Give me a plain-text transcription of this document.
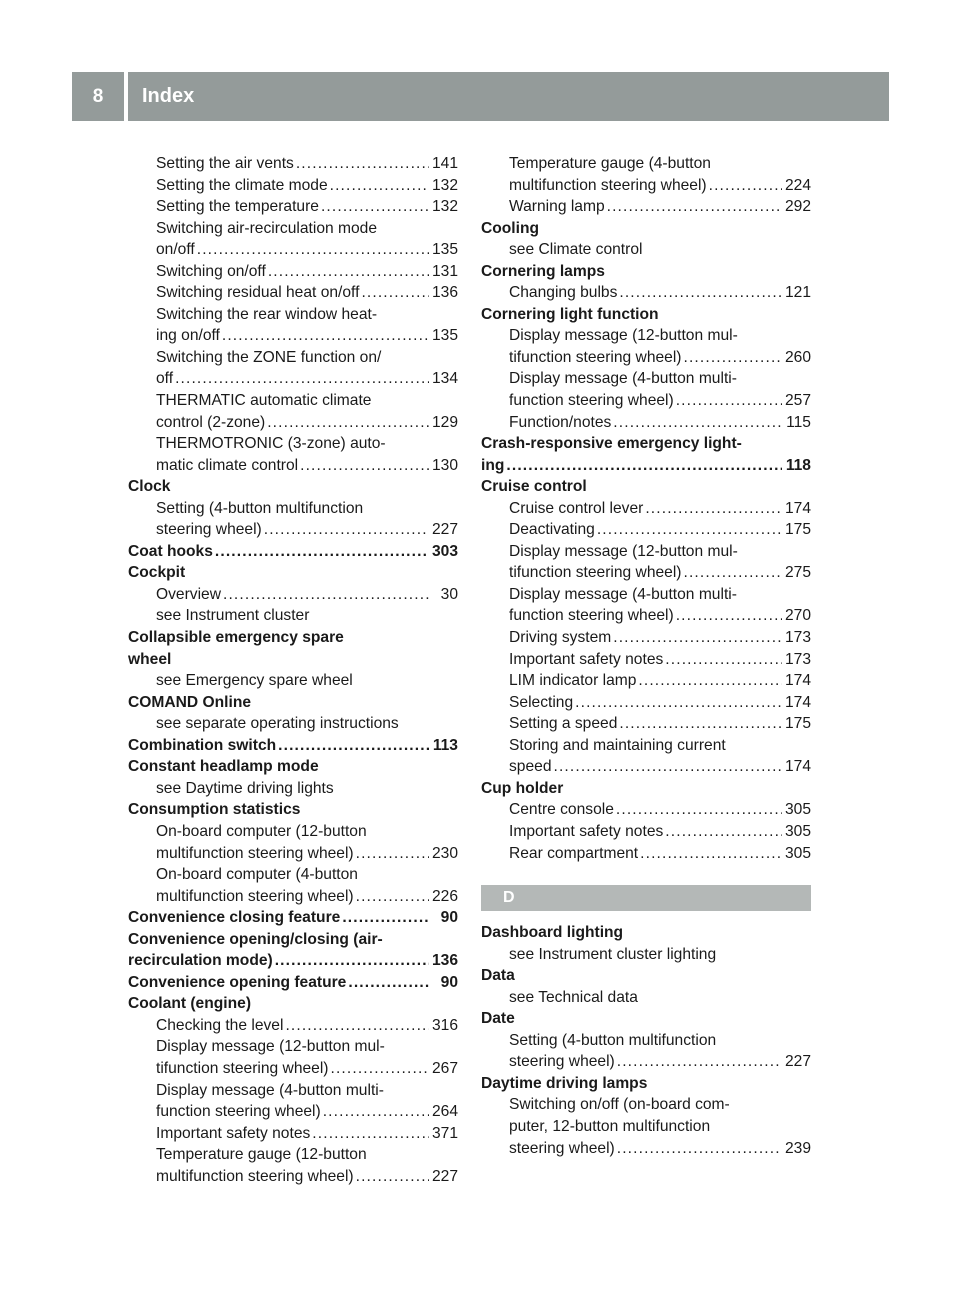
8	Index
Setting the air vents . . .	141
Setting the climate mode . . .	132
Setting the temperature . . .	132
Switching air-recirculation mode
on/off . . .	135
Switching on/off . . .	131
Switching residual heat on/off . . .	136
Switching the rear window heat-
ing on/off . . .	135
Switching the ZONE function on/
off . . .	134
THERMATIC automatic climate
control (2-zone) . . .	129
THERMOTRONIC (3-zone) auto-
matic climate control . . .	130
Clock
Setting (4-button multifunction
steering wheel) . . .	227
Coat hooks . . .	303
Cockpit
Overview . . .	30
see Instrument cluster
Collapsible emergency spare
wheel
see Emergency spare wheel
COMAND Online
see separate operating instructions
Combination switch . . .	113
Constant headlamp mode
see Daytime driving lights
Consumption statistics
On-board computer (12-button
multifunction steering wheel) . . .	230
On-board computer (4-button
multifunction steering wheel) . . .	226
Convenience closing feature . . .	90
Convenience opening/closing (air-
recirculation mode) . . .	136
Convenience opening feature . . .	90
Coolant (engine)
Checking the level . . .	316
Display message (12-button mul-
tifunction steering wheel) . . .	267
Display message (4-button multi-
function steering wheel) . . .	264
Important safety notes . . .	371
Temperature gauge (12-button
multifunction steering wheel) . . .	227
Temperature gauge (4-button
multifunction steering wheel) . . .	224
Warning lamp . . .	292
Cooling
see Climate control
Cornering lamps
Changing bulbs . . .	121
Cornering light function
Display message (12-button mul-
tifunction steering wheel) . . .	260
Display message (4-button multi-
function steering wheel) . . .	257
Function/notes . . .	115
Crash-responsive emergency light-
ing . . .	118
Cruise control
Cruise control lever . . .	174
Deactivating . . .	175
Display message (12-button mul-
tifunction steering wheel) . . .	275
Display message (4-button multi-
function steering wheel) . . .	270
Driving system . . .	173
Important safety notes . . .	173
LIM indicator lamp . . .	174
Selecting . . .	174
Setting a speed . . .	175
Storing and maintaining current
speed . . .	174
Cup holder
Centre console . . .	305
Important safety notes . . .	305
Rear compartment . . .	305
D
Dashboard lighting
see Instrument cluster lighting
Data
see Technical data
Date
Setting (4-button multifunction
steering wheel) . . .	227
Daytime driving lamps
Switching on/off (on-board com-
puter, 12-button multifunction
steering wheel) . . .	239
